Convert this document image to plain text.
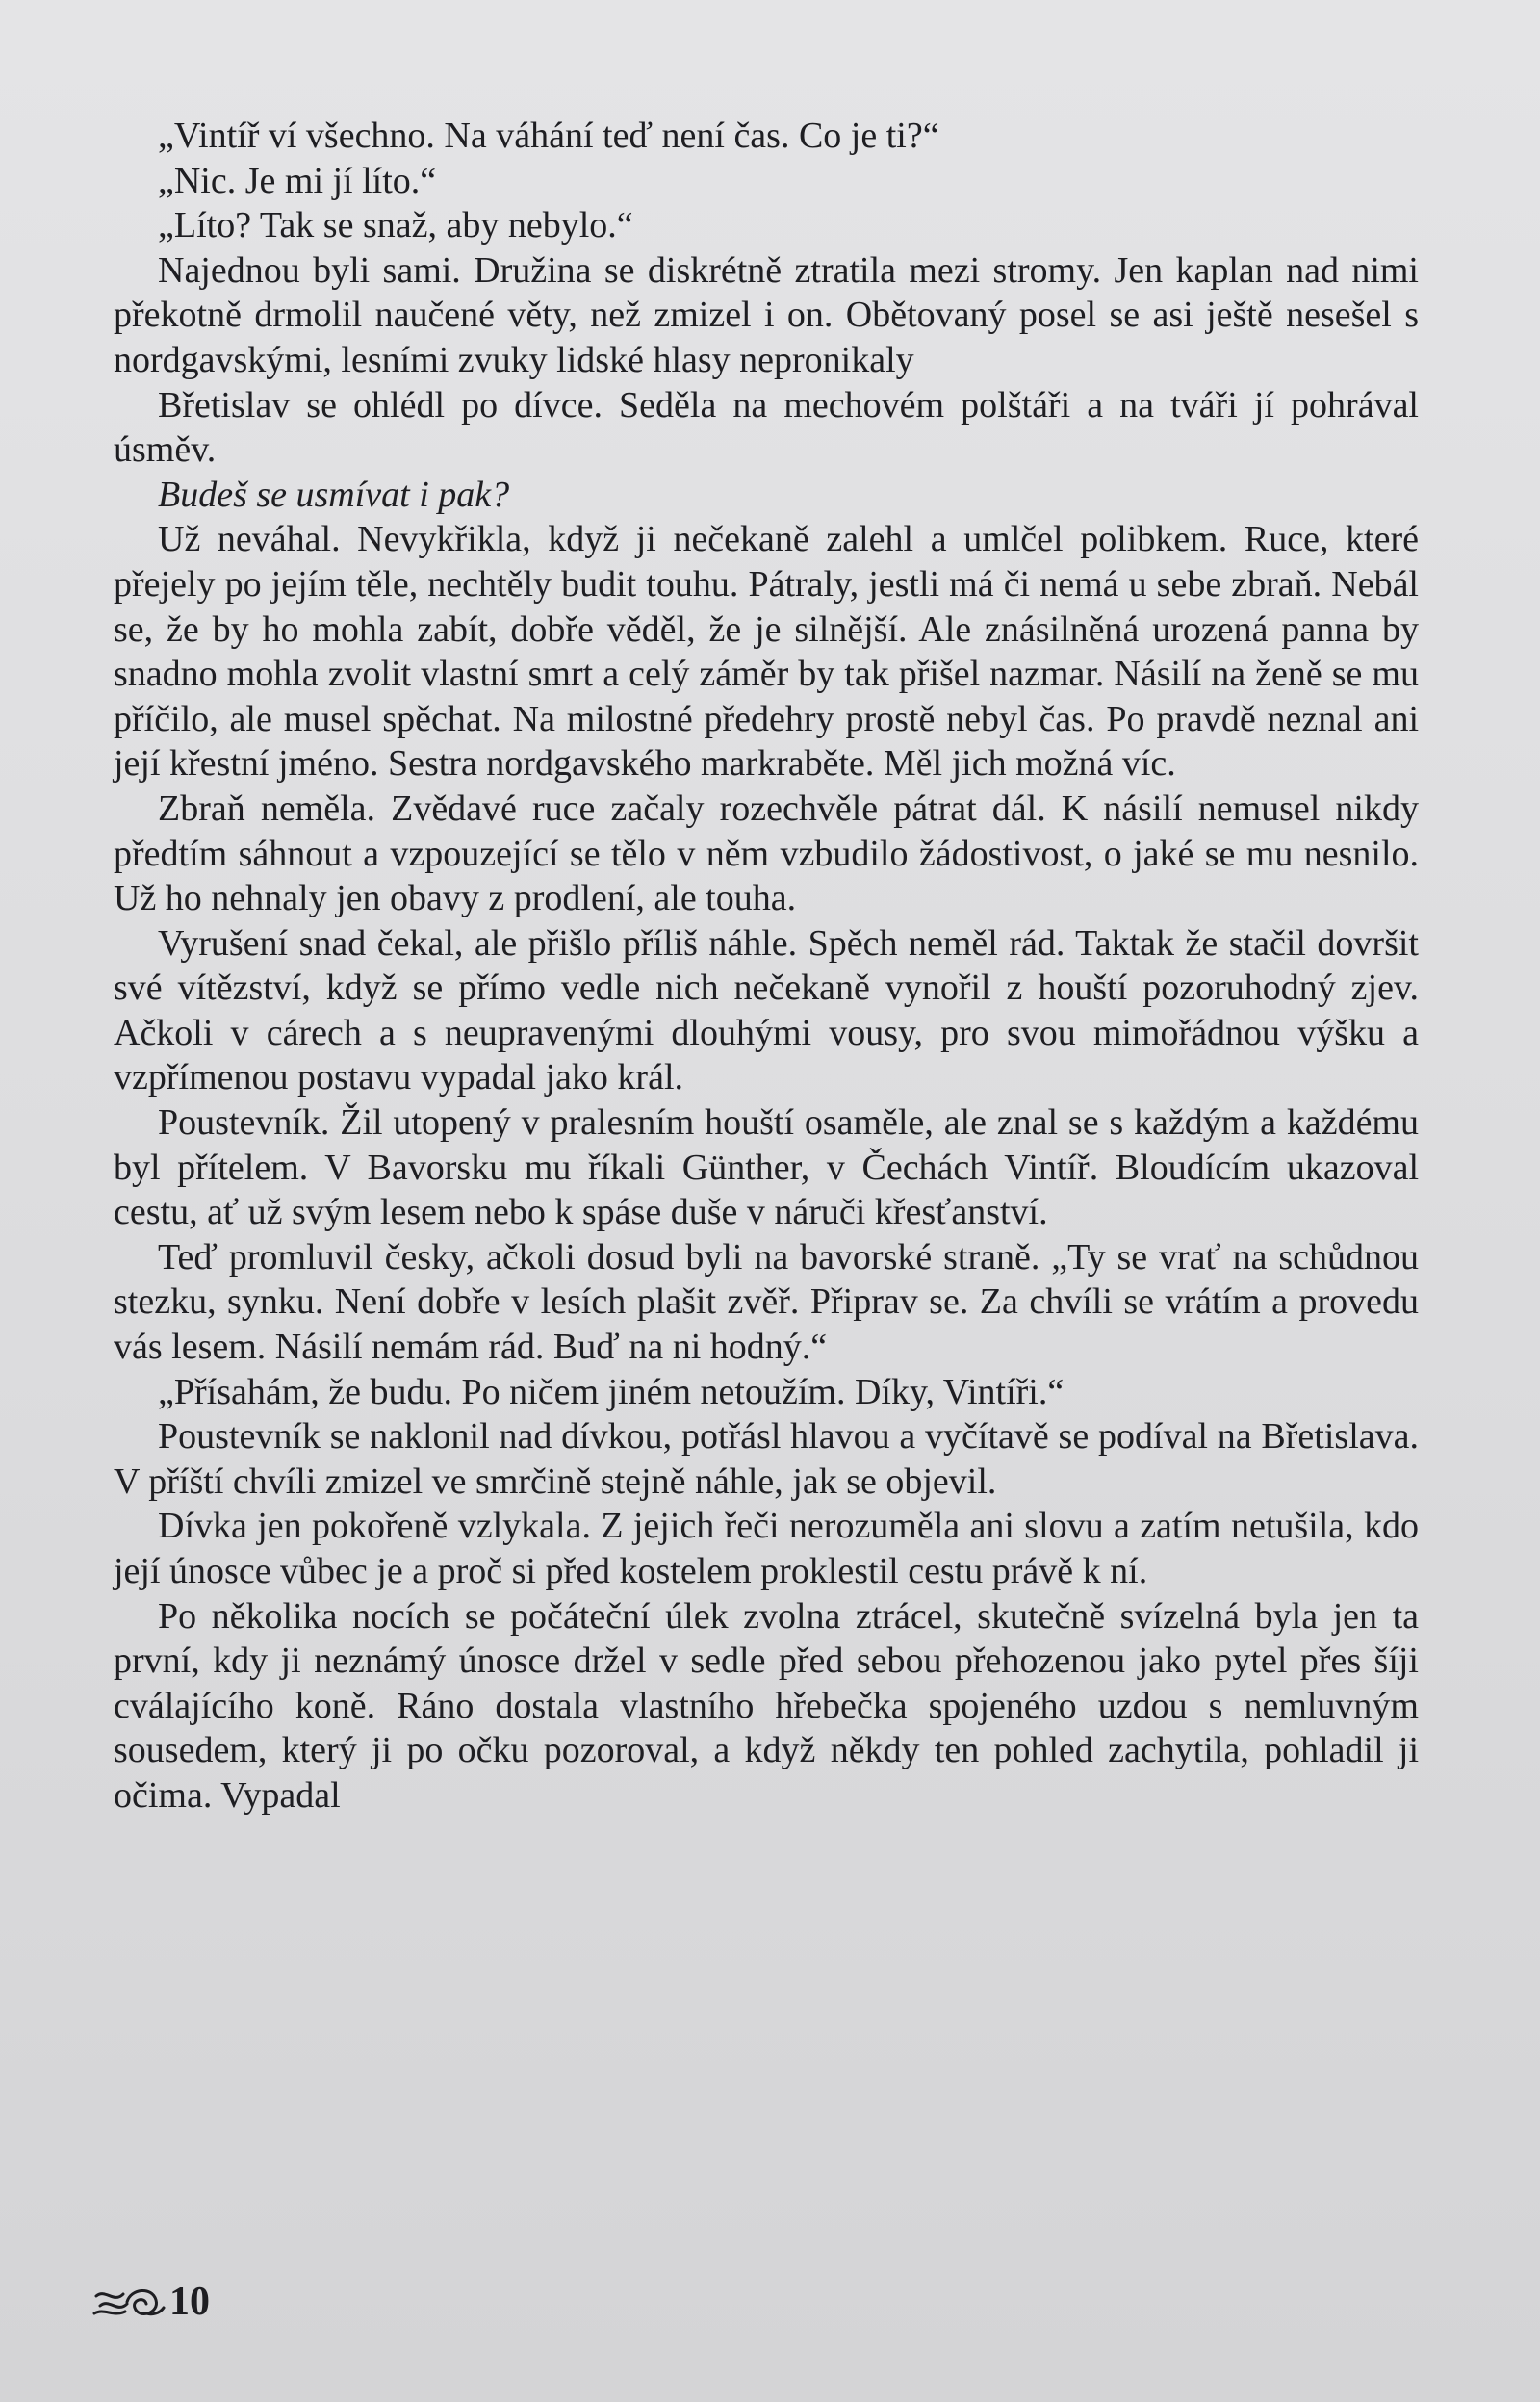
„Vintíř ví všechno. Na váhání teď není čas. Co je ti?“

„Nic. Je mi jí líto.“

„Líto? Tak se snaž, aby nebylo.“

Najednou byli sami. Družina se diskrétně ztratila mezi stromy. Jen kaplan nad nimi překotně drmolil naučené věty, než zmizel i on. Obětovaný posel se asi ještě nesešel s nordgavskými, lesními zvuky lidské hlasy nepronikaly

Břetislav se ohlédl po dívce. Seděla na mechovém polštáři a na tváři jí pohrával úsměv.

Budeš se usmívat i pak?

Už neváhal. Nevykřikla, když ji nečekaně zalehl a umlčel polibkem. Ruce, které přejely po jejím těle, nechtěly budit touhu. Pátraly, jestli má či nemá u sebe zbraň. Nebál se, že by ho mohla zabít, dobře věděl, že je silnější. Ale znásilněná urozená panna by snadno mohla zvolit vlastní smrt a celý záměr by tak přišel nazmar. Násilí na ženě se mu příčilo, ale musel spěchat. Na milostné předehry prostě nebyl čas. Po pravdě neznal ani její křestní jméno. Sestra nordgavského markraběte. Měl jich možná víc.

Zbraň neměla. Zvědavé ruce začaly rozechvěle pátrat dál. K násilí nemusel nikdy předtím sáhnout a vzpouzející se tělo v něm vzbudilo žádostivost, o jaké se mu nesnilo. Už ho nehnaly jen obavy z prodlení, ale touha.

Vyrušení snad čekal, ale přišlo příliš náhle. Spěch neměl rád. Taktak že stačil dovršit své vítězství, když se přímo vedle nich nečekaně vynořil z houští pozoruhodný zjev. Ačkoli v cárech a s neupravenými dlouhými vousy, pro svou mimořádnou výšku a vzpřímenou postavu vypadal jako král.

Poustevník. Žil utopený v pralesním houští osaměle, ale znal se s každým a každému byl přítelem. V Bavorsku mu říkali Günther, v Čechách Vintíř. Bloudícím ukazoval cestu, ať už svým lesem nebo k spáse duše v náruči křesťanství.

Teď promluvil česky, ačkoli dosud byli na bavorské straně. „Ty se vrať na schůdnou stezku, synku. Není dobře v lesích plašit zvěř. Připrav se. Za chvíli se vrátím a provedu vás lesem. Násilí nemám rád. Buď na ni hodný.“

„Přísahám, že budu. Po ničem jiném netoužím. Díky, Vintíři.“

Poustevník se naklonil nad dívkou, potřásl hlavou a vyčítavě se podíval na Břetislava. V příští chvíli zmizel ve smrčině stejně náhle, jak se objevil.

Dívka jen pokořeně vzlykala. Z jejich řeči nerozuměla ani slovu a zatím netušila, kdo její únosce vůbec je a proč si před kostelem proklestil cestu právě k ní.

Po několika nocích se počáteční úlek zvolna ztrácel, skutečně svízelná byla jen ta první, kdy ji neznámý únosce držel v sedle před sebou přehozenou jako pytel přes šíji cválajícího koně. Ráno dostala vlastního hřebečka spojeného uzdou s nemluvným sousedem, který ji po očku pozoroval, a když někdy ten pohled zachytila, pohladil ji očima. Vypadal

10
